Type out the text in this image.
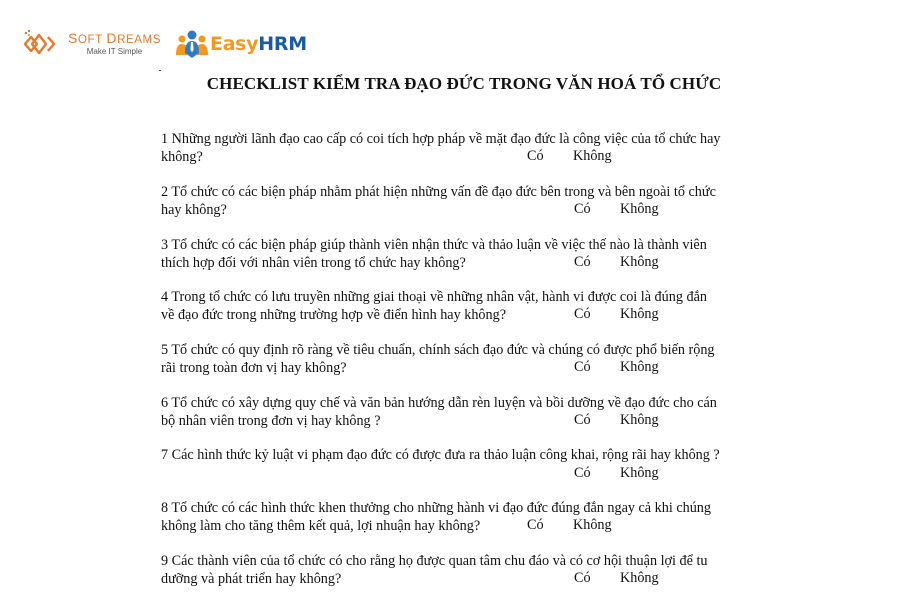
SOFT DREAMS
Make IT Simple	EasyHRM
CHECKLIST KIỂM TRA ĐẠO ĐỨC TRONG VĂN HOÁ TỔ CHỨC
1 Những người lãnh đạo cao cấp có coi tích hợp pháp về mặt đạo đức là công việc của tổ chức hay
không?	Có Không
2 Tổ chức có các biện pháp nhằm phát hiện những vấn đề đạo đức bên trong và bên ngoài tổ chức
hay không?	Có Không
3 Tổ chức có các biện pháp giúp thành viên nhận thức và thảo luận về việc thế nào là thành viên
thích hợp đối với nhân viên trong tổ chức hay không?	Có Không
4 Trong tổ chức có lưu truyền những giai thoại về những nhân vật, hành vi được coi là đúng đắn
về đạo đức trong những trường hợp về điển hình hay không?	Có Không
5 Tổ chức có quy định rõ ràng về tiêu chuẩn, chính sách đạo đức và chúng có được phổ biến rộng
rãi trong toàn đơn vị hay không?	Có Không
6 Tổ chức có xây dựng quy chế và văn bản hướng dẫn rèn luyện và bồi dưỡng về đạo đức cho cán
bộ nhân viên trong đơn vị hay không ?	Có Không
7 Các hình thức kỷ luật vi phạm đạo đức có được đưa ra thảo luận công khai, rộng rãi hay không ?
Có Không
8 Tổ chức có các hình thức khen thưởng cho những hành vi đạo đức đúng đắn ngay cả khi chúng
không làm cho tăng thêm kết quả, lợi nhuận hay không?	Có Không
9 Các thành viên của tổ chức có cho rằng họ được quan tâm chu đáo và có cơ hội thuận lợi để tu
dưỡng và phát triển hay không?	Có Không
